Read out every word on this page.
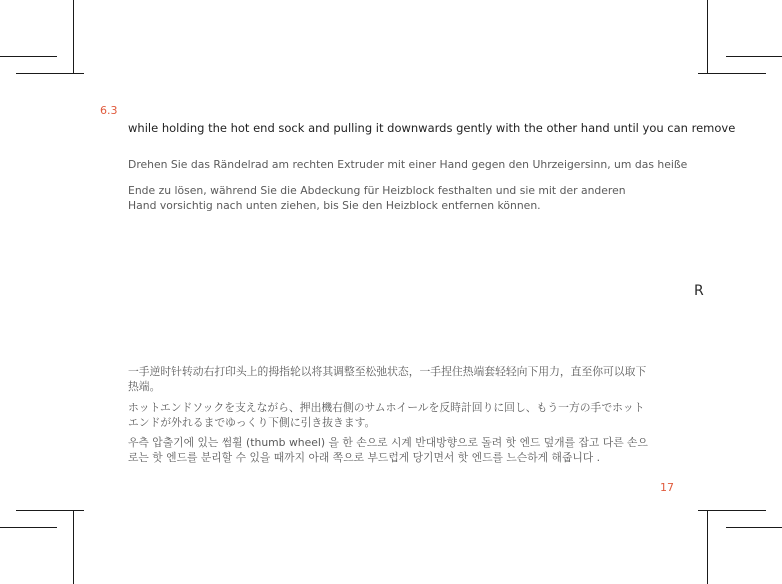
6.3
while holding the hot end sock and pulling it downwards gently with the other hand until you can remove
Drehen Sie das Rändelrad am rechten Extruder mit einer Hand gegen den Uhrzeigersinn, um das heiße
Ende zu lösen, während Sie die Abdeckung für Heizblock festhalten und sie mit der anderen Hand vorsichtig nach unten ziehen, bis Sie den Heizblock entfernen können.
R
一手逆时针转动右打印头上的拇指轮以将其调整至松弛状态，一手捏住热端套轻轻向下用力，直至你可以取下热端。
ホットエンドソックを支えながら、押出機右側のサムホイールを反時計回りに回し、もう一方の手でホットエンドが外れるまでゆっくり下側に引き抜きます。
우측 압출기에 있는 썸휠 (thumb wheel) 을 한 손으로 시계 반대방향으로 돌려 핫 엔드 덮개를 잡고 다른 손으로는 핫 엔드를 분리할 수 있을 때까지 아래 쪽으로 부드럽게 당기면서 핫 엔드를 느슨하게 해줍니다 .
17
